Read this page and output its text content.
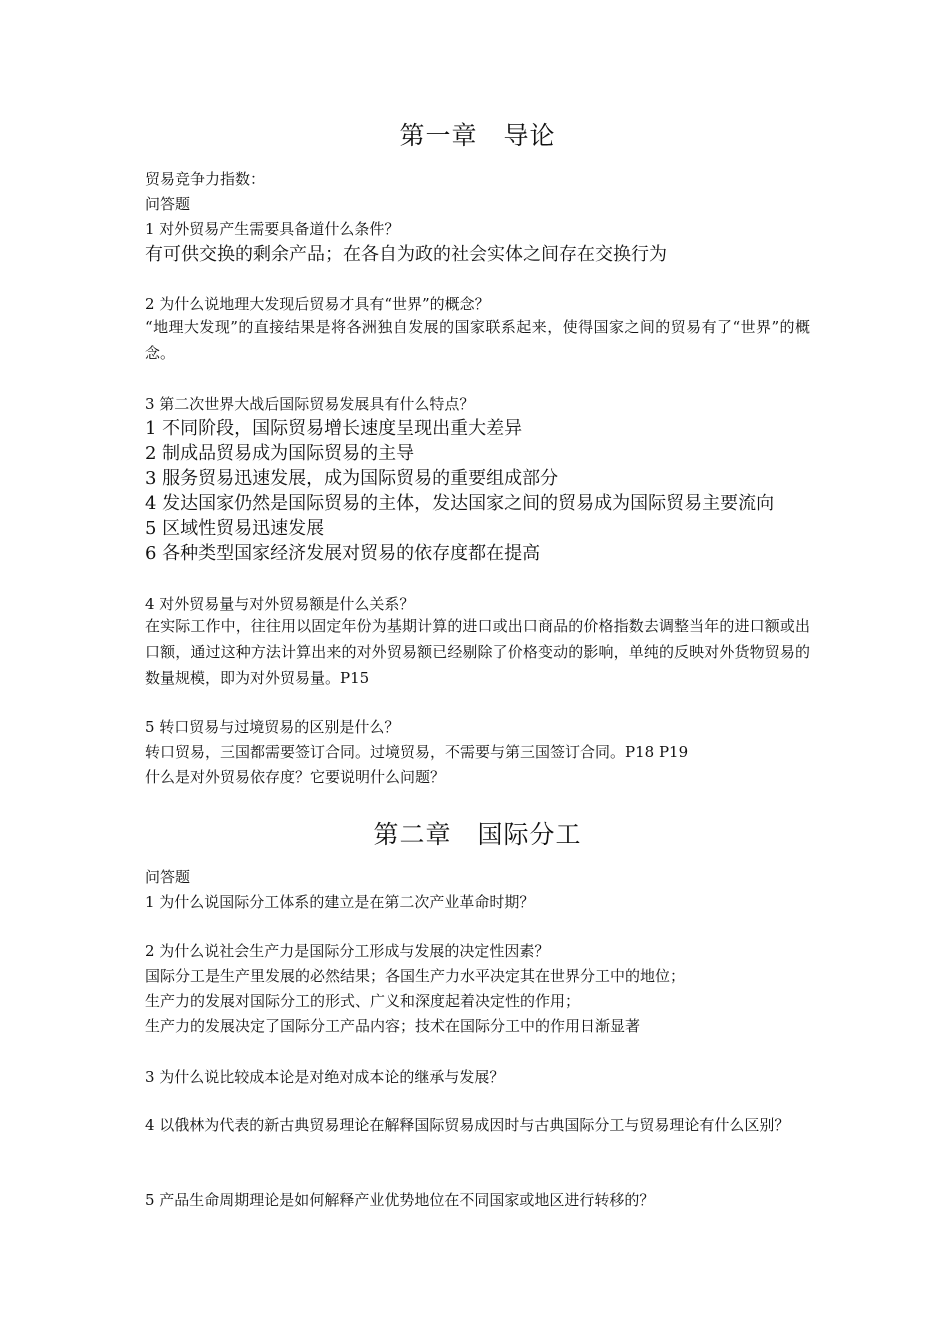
第一章　导论
贸易竞争力指数：
问答题
1 对外贸易产生需要具备道什么条件？
有可供交换的剩余产品；在各自为政的社会实体之间存在交换行为
2 为什么说地理大发现后贸易才具有“世界”的概念？
“地理大发现”的直接结果是将各洲独自发展的国家联系起来，使得国家之间的贸易有了“世界”的概念。
3 第二次世界大战后国际贸易发展具有什么特点？
1 不同阶段，国际贸易增长速度呈现出重大差异
2 制成品贸易成为国际贸易的主导
3 服务贸易迅速发展，成为国际贸易的重要组成部分
4 发达国家仍然是国际贸易的主体，发达国家之间的贸易成为国际贸易主要流向
5 区域性贸易迅速发展
6 各种类型国家经济发展对贸易的依存度都在提高
4 对外贸易量与对外贸易额是什么关系？
在实际工作中，往往用以固定年份为基期计算的进口或出口商品的价格指数去调整当年的进口额或出口额，通过这种方法计算出来的对外贸易额已经剔除了价格变动的影响，单纯的反映对外货物贸易的数量规模，即为对外贸易量。P15
5 转口贸易与过境贸易的区别是什么？
转口贸易，三国都需要签订合同。过境贸易，不需要与第三国签订合同。P18 P19
什么是对外贸易依存度？它要说明什么问题？
第二章　国际分工
问答题
1 为什么说国际分工体系的建立是在第二次产业革命时期？
2 为什么说社会生产力是国际分工形成与发展的决定性因素？
国际分工是生产里发展的必然结果；各国生产力水平决定其在世界分工中的地位；
生产力的发展对国际分工的形式、广义和深度起着决定性的作用；
生产力的发展决定了国际分工产品内容；技术在国际分工中的作用日渐显著
3 为什么说比较成本论是对绝对成本论的继承与发展？
4 以俄林为代表的新古典贸易理论在解释国际贸易成因时与古典国际分工与贸易理论有什么区别？
5 产品生命周期理论是如何解释产业优势地位在不同国家或地区进行转移的？
